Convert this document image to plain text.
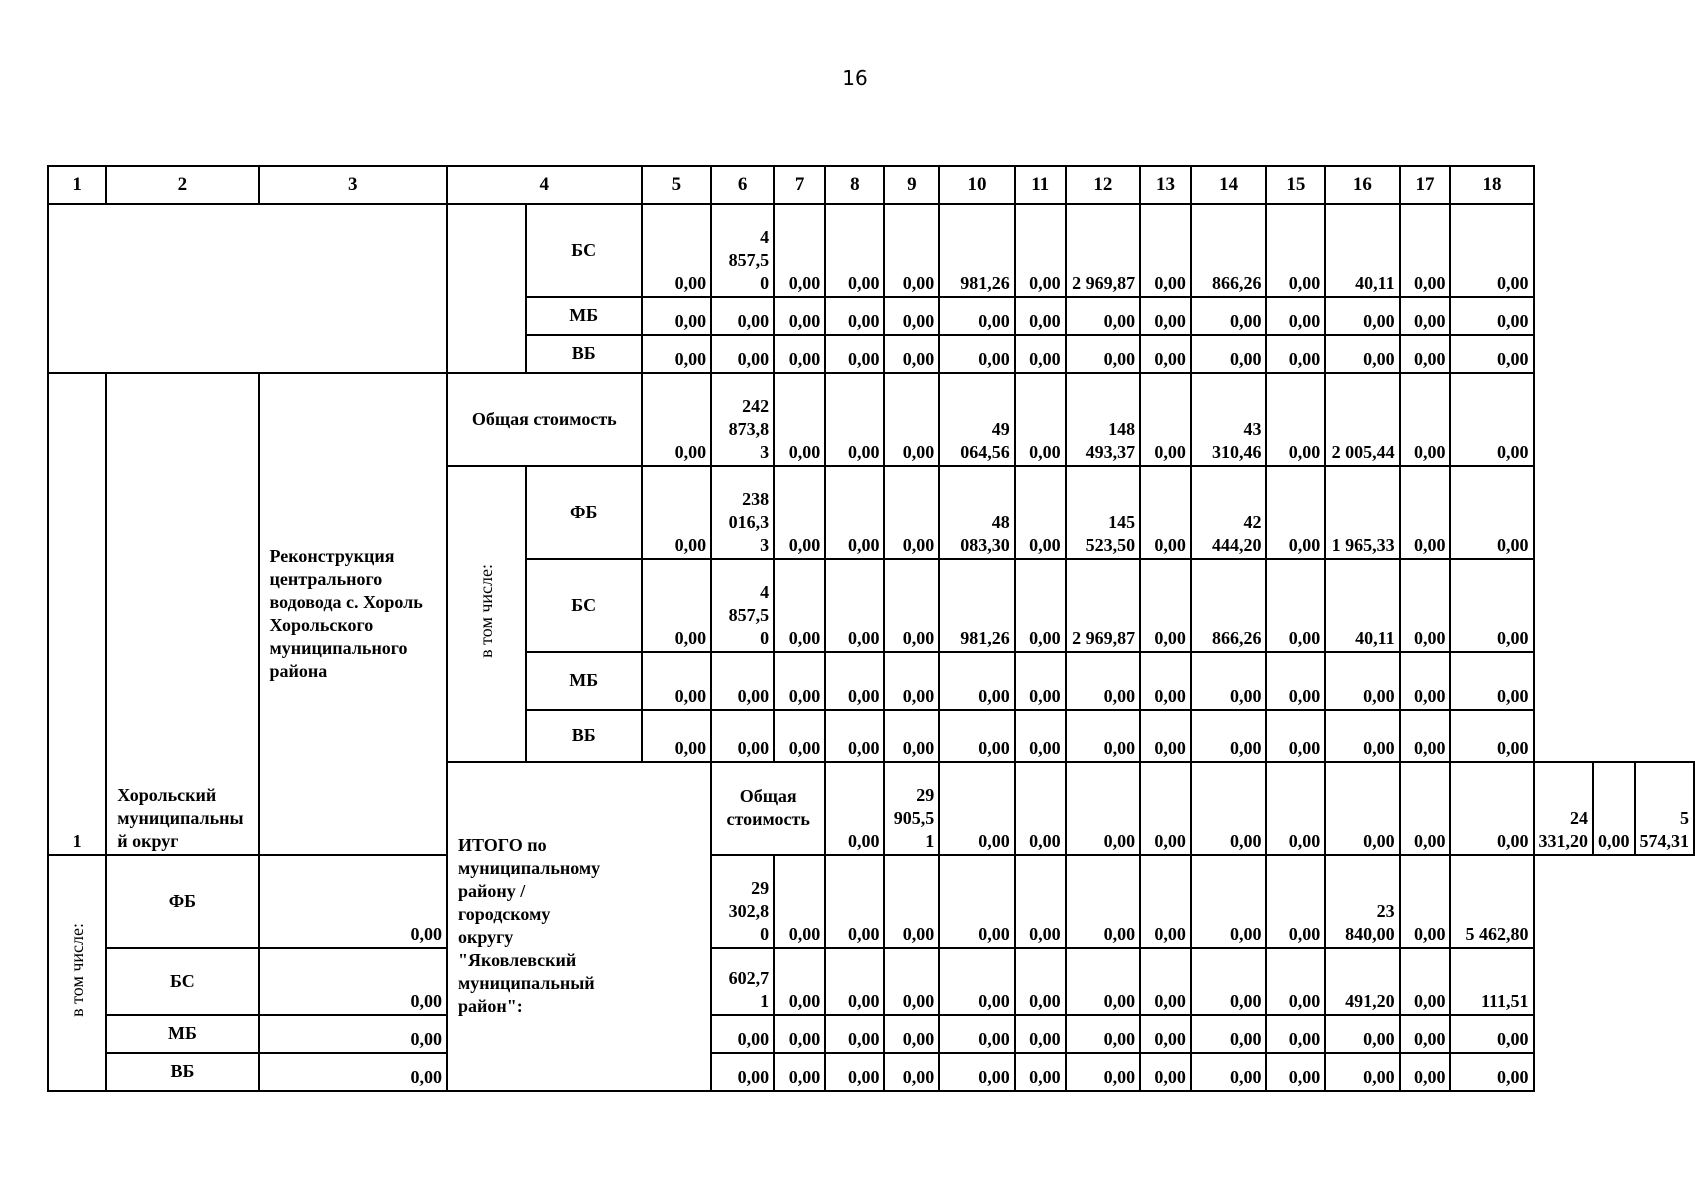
16
1	2	3	4		5	6	7	8	9	10	11	12	13	14	15	16	17	18			
				БС	0,00	4 857,5 0	0,00	0,00	0,00	981,26	0,00	2 969,87	0,00	866,26	0,00	40,11	0,00	0,00			
				МБ	0,00	0,00	0,00	0,00	0,00	0,00	0,00	0,00	0,00	0,00	0,00	0,00	0,00	0,00			
				ВБ	0,00	0,00	0,00	0,00	0,00	0,00	0,00	0,00	0,00	0,00	0,00	0,00	0,00	0,00			
1	Хорольский муниципальны й округ	Реконструкция центрального водовода с. Хороль Хорольского муниципального района	Общая стоимость		0,00	242 873,8 3	0,00	0,00	0,00	49 064,56	0,00	148 493,37	0,00	43 310,46	0,00	2 005,44	0,00	0,00			
			в том числе:	ФБ	0,00	238 016,3 3	0,00	0,00	0,00	48 083,30	0,00	145 523,50	0,00	42 444,20	0,00	1 965,33	0,00	0,00			
				БС	0,00	4 857,5 0	0,00	0,00	0,00	981,26	0,00	2 969,87	0,00	866,26	0,00	40,11	0,00	0,00			
				МБ	0,00	0,00	0,00	0,00	0,00	0,00	0,00	0,00	0,00	0,00	0,00	0,00	0,00	0,00			
				ВБ	0,00	0,00	0,00	0,00	0,00	0,00	0,00	0,00	0,00	0,00	0,00	0,00	0,00	0,00			
			ИТОГО по муниципальному району / городскому округу "Яковлевский муниципальный район":			Общая стоимость		0,00	29 905,5 1	0,00	0,00	0,00	0,00	0,00	0,00	0,00	0,00	0,00	24 331,20	0,00	5 574,31
в том числе:	ФБ	0,00				29 302,8 0	0,00	0,00	0,00	0,00	0,00	0,00	0,00	0,00	0,00	23 840,00	0,00	5 462,80			
	БС	0,00				602,7 1	0,00	0,00	0,00	0,00	0,00	0,00	0,00	0,00	0,00	491,20	0,00	111,51			
	МБ	0,00				0,00	0,00	0,00	0,00	0,00	0,00	0,00	0,00	0,00	0,00	0,00	0,00	0,00			
	ВБ	0,00				0,00	0,00	0,00	0,00	0,00	0,00	0,00	0,00	0,00	0,00	0,00	0,00	0,00			
